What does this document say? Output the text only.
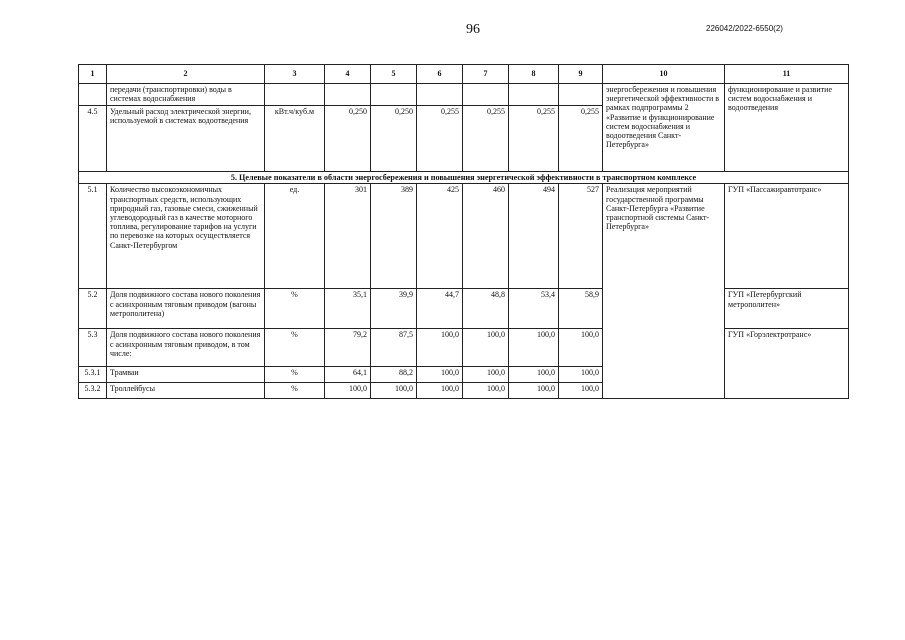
96	226042/2022-6550(2)
1	2	3	4	5	6	7	8	9	10	11
	передачи (транспортировки) воды в системах водоснабжения								энергосбережения и повышения энергетической эффективности в рамках подпрограммы 2 «Развитие и функционирование систем водоснабжения и водоотведения Санкт-Петербурга»	функционирование и развитие систем водоснабжения и водоотведения
4.5	Удельный расход электрической энергии, используемой в системах водоотведения	кВт.ч/куб.м	0,250	0,250	0,255	0,255	0,255	0,255		
5. Целевые показатели в области энергосбережения и повышения энергетической эффективности в транспортном комплексе										
5.1	Количество высокоэкономичных транспортных средств, использующих природный газ, газовые смеси, сжиженный углеводородный газ в качестве моторного топлива, регулирование тарифов на услуги по перевозке на которых осуществляется Санкт-Петербургом	ед.	301	389	425	460	494	527	Реализация мероприятий государственной программы Санкт-Петербурга «Развитие транспортной системы Санкт-Петербурга»	ГУП «Пассажиравтотранс»
5.2	Доля подвижного состава нового поколения с асинхронным тяговым приводом (вагоны метрополитена)	%	35,1	39,9	44,7	48,8	53,4	58,9		ГУП «Петербургский метрополитен»
5.3	Доля подвижного состава нового поколения с асинхронным тяговым приводом, в том числе:	%	79,2	87,5	100,0	100,0	100,0	100,0		ГУП «Горэлектротранс»
5.3.1	Трамваи	%	64,1	88,2	100,0	100,0	100,0	100,0		
5.3.2	Троллейбусы	%	100,0	100,0	100,0	100,0	100,0	100,0		
